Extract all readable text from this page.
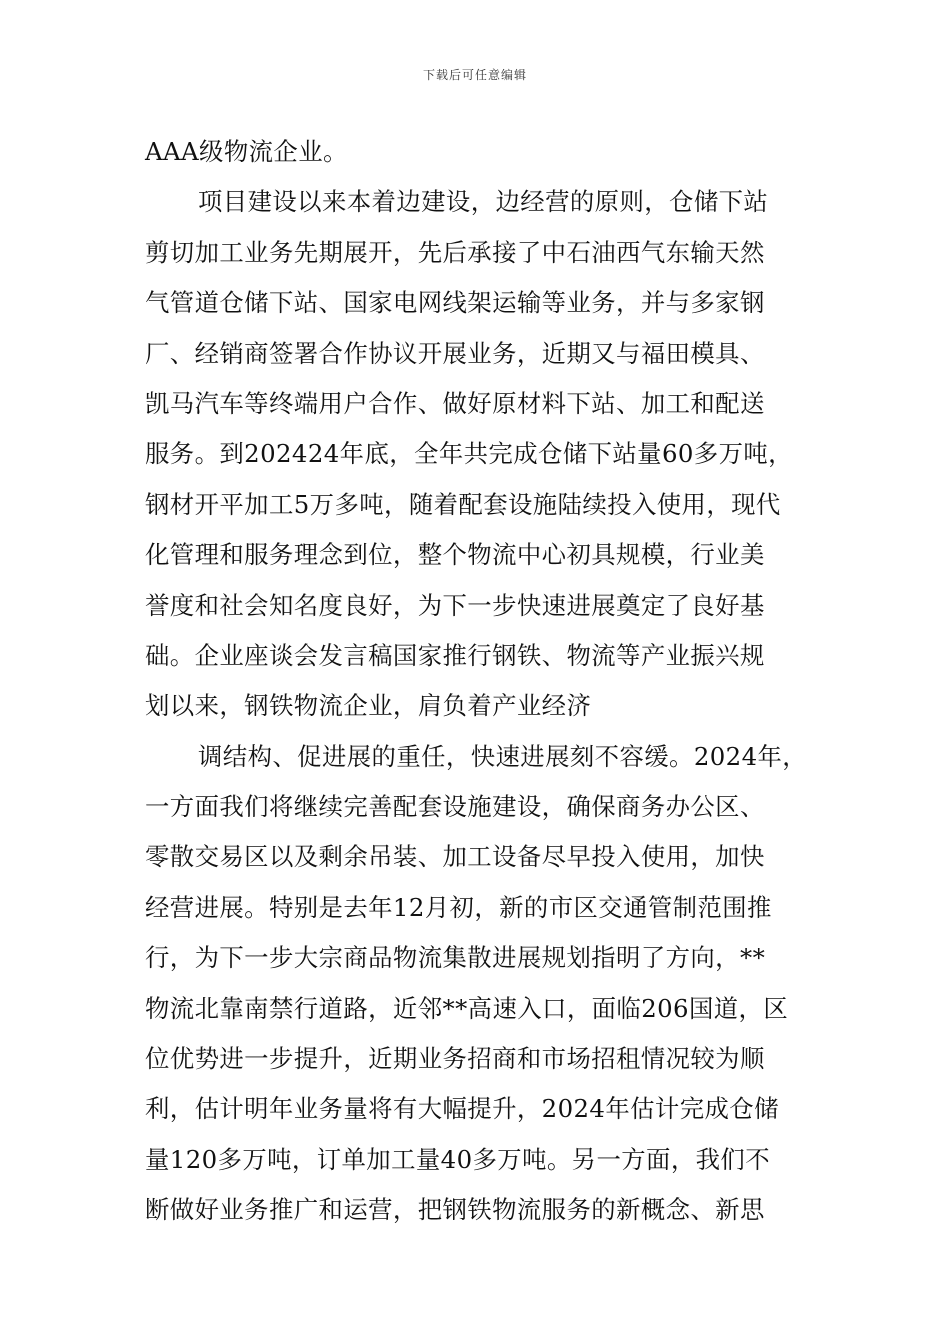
下载后可任意编辑
AAA级物流企业。
项目建设以来本着边建设，边经营的原则，仓储下站
剪切加工业务先期展开，先后承接了中石油西气东输天然
气管道仓储下站、国家电网线架运输等业务，并与多家钢
厂、经销商签署合作协议开展业务，近期又与福田模具、
凯马汽车等终端用户合作、做好原材料下站、加工和配送
服务。到202424年底，全年共完成仓储下站量60多万吨，
钢材开平加工5万多吨，随着配套设施陆续投入使用，现代
化管理和服务理念到位，整个物流中心初具规模，行业美
誉度和社会知名度良好，为下一步快速进展奠定了良好基
础。企业座谈会发言稿国家推行钢铁、物流等产业振兴规
划以来，钢铁物流企业，肩负着产业经济
调结构、促进展的重任，快速进展刻不容缓。2024年，
一方面我们将继续完善配套设施建设，确保商务办公区、
零散交易区以及剩余吊装、加工设备尽早投入使用，加快
经营进展。特别是去年12月初，新的市区交通管制范围推
行，为下一步大宗商品物流集散进展规划指明了方向，**
物流北靠南禁行道路，近邻**高速入口，面临206国道，区
位优势进一步提升，近期业务招商和市场招租情况较为顺
利，估计明年业务量将有大幅提升，2024年估计完成仓储
量120多万吨，订单加工量40多万吨。另一方面，我们不
断做好业务推广和运营，把钢铁物流服务的新概念、新思
